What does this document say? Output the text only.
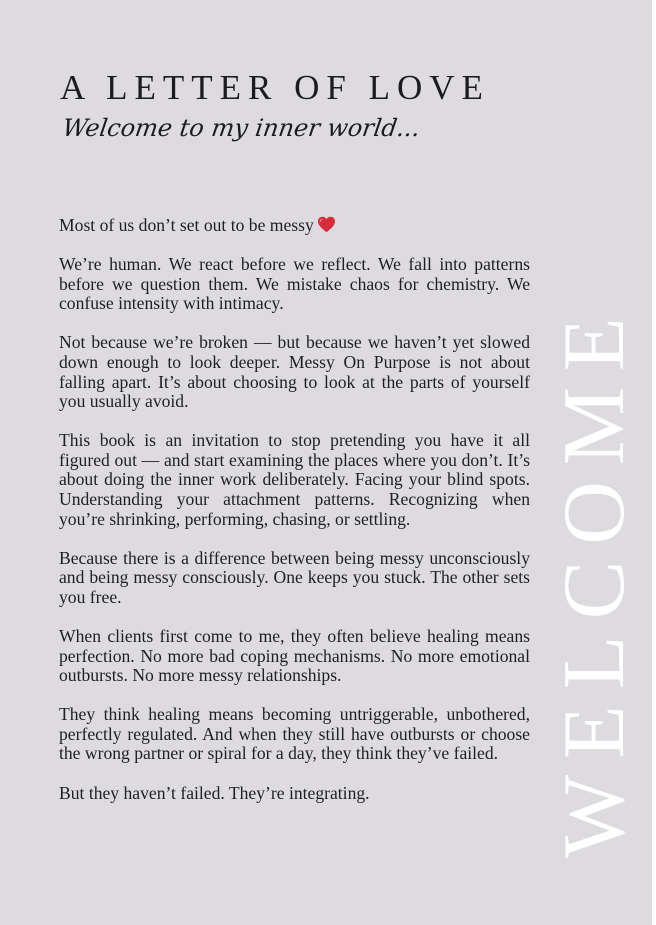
A LETTER OF LOVE

Welcome to my inner world...

Most of us don’t set out to be messy

We’re human. We react before we reflect. We fall into patterns before we question them. We mistake chaos for chemistry. We confuse intensity with intimacy.

Not because we’re broken — but because we haven’t yet slowed down enough to look deeper. Messy On Purpose is not about falling apart. It’s about choosing to look at the parts of yourself you usually avoid.

This book is an invitation to stop pretending you have it all figured out — and start examining the places where you don’t. It’s about doing the inner work deliberately. Facing your blind spots. Understanding your attachment patterns. Recognizing when you’re shrinking, performing, chasing, or settling.

Because there is a difference between being messy unconsciously and being messy consciously. One keeps you stuck. The other sets you free.

When clients first come to me, they often believe healing means perfection. No more bad coping mechanisms. No more emotional outbursts. No more messy relationships.

They think healing means becoming untriggerable, unbothered, perfectly regulated. And when they still have outbursts or choose the wrong partner or spiral for a day, they think they’ve failed.

But they haven’t failed. They’re integrating.	WELCOME
